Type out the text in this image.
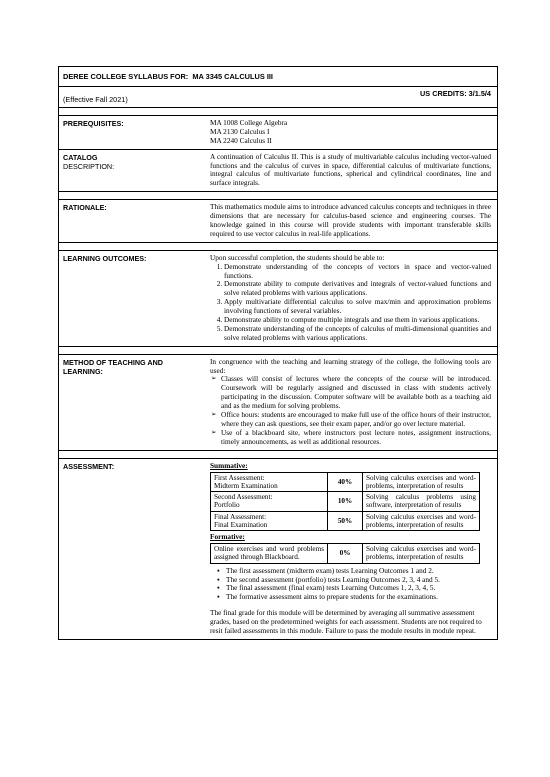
DEREE COLLEGE SYLLABUS FOR:
MA 3345 CALCULUS III
US CREDITS: 3/1.5/4
(Effective Fall 2021)
PREREQUISITES:	MA 1008 College Algebra
MA 2130 Calculus I
MA 2240 Calculus II
CATALOG
DESCRIPTION:
A continuation of Calculus II. This is a study of multivariable calculus including vector-valued functions and the calculus of curves in space, differential calculus of multivariate functions, integral calculus of multivariate functions, spherical and cylindrical coordinates, line and surface integrals.
RATIONALE:	This mathematics module aims to introduce advanced calculus concepts and techniques in three dimensions that are necessary for calculus-based science and engineering courses. The knowledge gained in this course will provide students with important transferable skills required to use vector calculus in real-life applications.
LEARNING OUTCOMES:	Upon successful completion, the students should be able to:
1. Demonstrate understanding of the concepts of vectors in space and vector-valued functions.
2. Demonstrate ability to compute derivatives and integrals of vector-valued functions and solve related problems with various applications.
3. Apply multivariate differential calculus to solve max/min and approximation problems involving functions of several variables.
4. Demonstrate ability to compute multiple integrals and use them in various applications.
5. Demonstrate understanding of the concepts of calculus of multi-dimensional quantities and solve related problems with various applications.
METHOD OF TEACHING AND
LEARNING:
In congruence with the teaching and learning strategy of the college, the following tools are used:
➢ Classes will consist of lectures where the concepts of the course will be introduced. Coursework will be regularly assigned and discussed in class with students actively participating in the discussion. Computer software will be available both as a teaching aid and as the medium for solving problems.
➢ Office hours: students are encouraged to make full use of the office hours of their instructor, where they can ask questions, see their exam paper, and/or go over lecture material.
➢ Use of a blackboard site, where instructors post lecture notes, assignment instructions, timely announcements, as well as additional resources.
ASSESSMENT:	Summative:
First Assessment:
Midterm Examination	40%	Solving calculus exercises and word-problems, interpretation of results
Second Assessment:
Portfolio	10%	Solving calculus problems using software, interpretation of results
Final Assessment:
Final Examination	50%	Solving calculus exercises and word-problems, interpretation of results
Formative:
Online exercises and word problems assigned through Blackboard.	0%	Solving calculus exercises and word-problems, interpretation of results
▪ The first assessment (midterm exam) tests Learning Outcomes 1 and 2.
▪ The second assessment (portfolio) tests Learning Outcomes 2, 3, 4 and 5.
▪ The final assessment (final exam) tests Learning Outcomes 1, 2, 3, 4, 5.
▪ The formative assessment aims to prepare students for the examinations.
The final grade for this module will be determined by averaging all summative assessment grades, based on the predetermined weights for each assessment. Students are not required to resit failed assessments in this module. Failure to pass the module results in module repeat.
